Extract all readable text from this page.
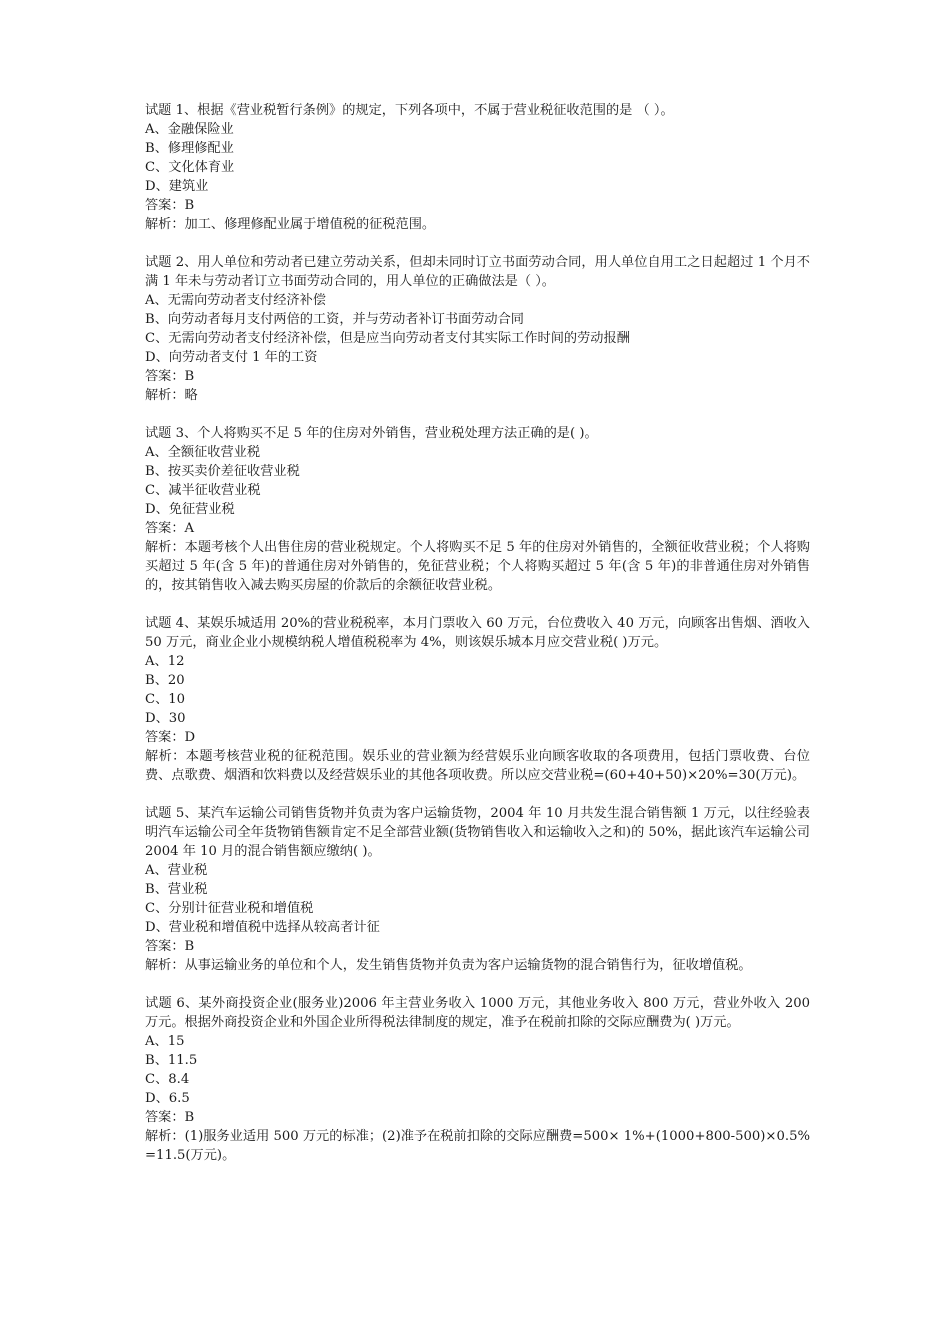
试题 1、根据《营业税暂行条例》的规定，下列各项中，不属于营业税征收范围的是 （ ）。
A、金融保险业
B、修理修配业
C、文化体育业
D、建筑业
答案：B
解析：加工、修理修配业属于增值税的征税范围。
试题 2、用人单位和劳动者已建立劳动关系，但却未同时订立书面劳动合同，用人单位自用工之日起超过 1 个月不满 1 年未与劳动者订立书面劳动合同的，用人单位的正确做法是（ ）。
A、无需向劳动者支付经济补偿
B、向劳动者每月支付两倍的工资，并与劳动者补订书面劳动合同
C、无需向劳动者支付经济补偿，但是应当向劳动者支付其实际工作时间的劳动报酬
D、向劳动者支付 1 年的工资
答案：B
解析：略
试题 3、个人将购买不足 5 年的住房对外销售，营业税处理方法正确的是( )。
A、全额征收营业税
B、按买卖价差征收营业税
C、减半征收营业税
D、免征营业税
答案：A
解析：本题考核个人出售住房的营业税规定。个人将购买不足 5 年的住房对外销售的，全额征收营业税；个人将购买超过 5 年(含 5 年)的普通住房对外销售的，免征营业税；个人将购买超过 5 年(含 5 年)的非普通住房对外销售的，按其销售收入减去购买房屋的价款后的余额征收营业税。
试题 4、某娱乐城适用 20%的营业税税率，本月门票收入 60 万元，台位费收入 40 万元，向顾客出售烟、酒收入 50 万元，商业企业小规模纳税人增值税税率为 4%，则该娱乐城本月应交营业税( )万元。
A、12
B、20
C、10
D、30
答案：D
解析：本题考核营业税的征税范围。娱乐业的营业额为经营娱乐业向顾客收取的各项费用，包括门票收费、台位费、点歌费、烟酒和饮料费以及经营娱乐业的其他各项收费。所以应交营业税=(60+40+50)×20%=30(万元)。
试题 5、某汽车运输公司销售货物并负责为客户运输货物，2004 年 10 月共发生混合销售额 1 万元，以往经验表明汽车运输公司全年货物销售额肯定不足全部营业额(货物销售收入和运输收入之和)的 50%，据此该汽车运输公司 2004 年 10 月的混合销售额应缴纳( )。
A、营业税
B、营业税
C、分别计征营业税和增值税
D、营业税和增值税中选择从较高者计征
答案：B
解析：从事运输业务的单位和个人，发生销售货物并负责为客户运输货物的混合销售行为，征收增值税。
试题 6、某外商投资企业(服务业)2006 年主营业务收入 1000 万元，其他业务收入 800 万元，营业外收入 200 万元。根据外商投资企业和外国企业所得税法律制度的规定，准予在税前扣除的交际应酬费为( )万元。
A、15
B、11.5
C、8.4
D、6.5
答案：B
解析：(1)服务业适用 500 万元的标准；(2)准予在税前扣除的交际应酬费=500× 1%+(1000+800-500)×0.5%=11.5(万元)。
